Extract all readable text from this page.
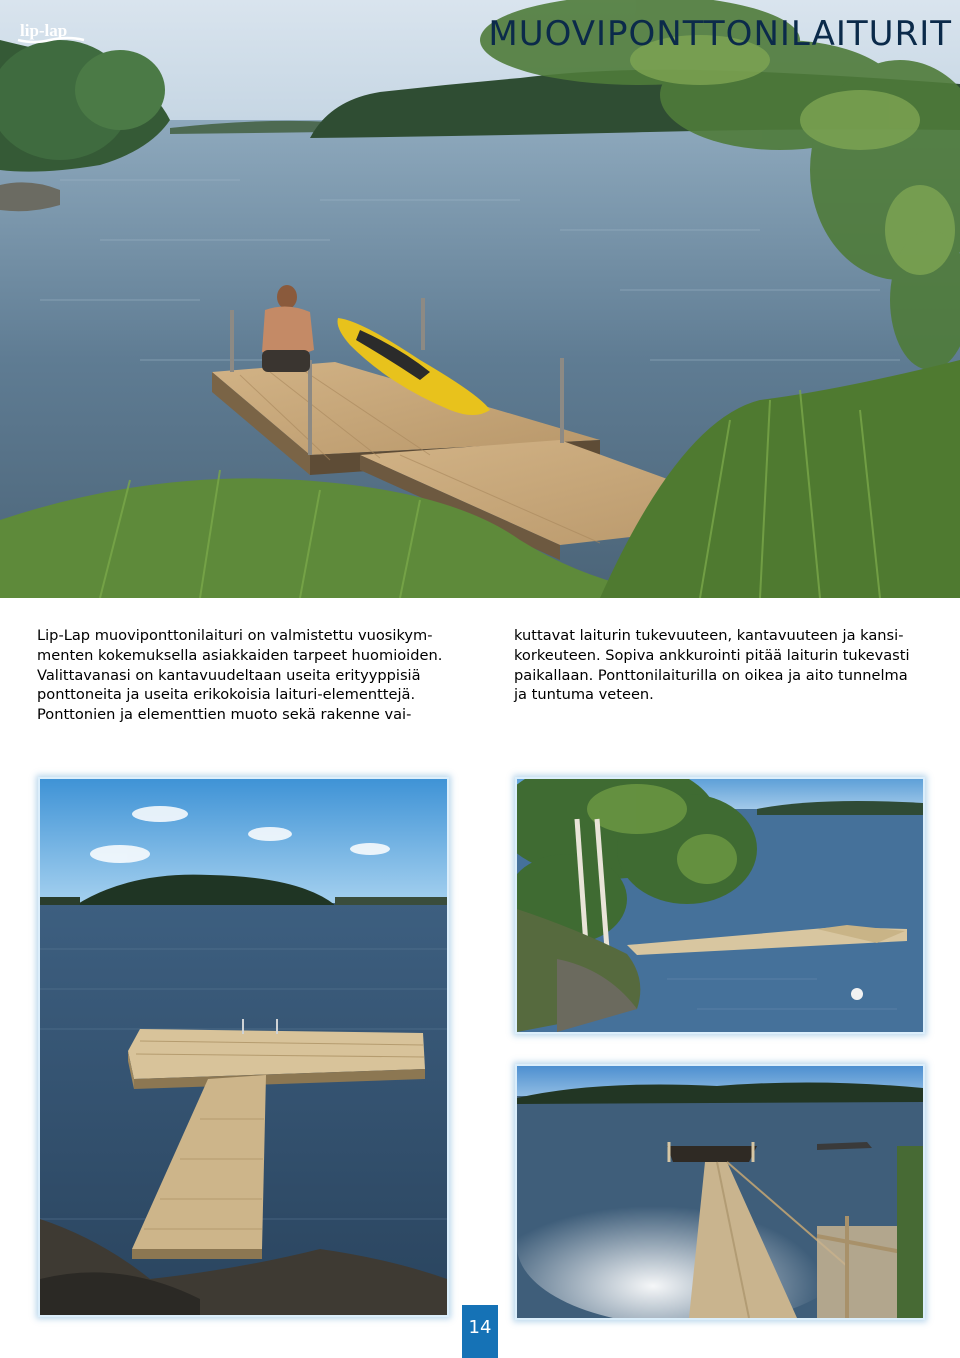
lip-lap	MUOVIPONTTONILAITURIT
Lip-Lap muoviponttonilaituri on valmistettu vuosikym-
menten kokemuksella asiakkaiden tarpeet huomioiden.
Valittavanasi on kantavuudeltaan useita erityyppisiä
ponttoneita ja useita erikokoisia laituri-elementtejä.
Ponttonien ja elementtien muoto sekä rakenne vai-
kuttavat laiturin tukevuuteen, kantavuuteen ja kansi-
korkeuteen. Sopiva ankkurointi pitää laiturin tukevasti
paikallaan. Ponttonilaiturilla on oikea ja aito tunnelma
ja tuntuma veteen.
14
